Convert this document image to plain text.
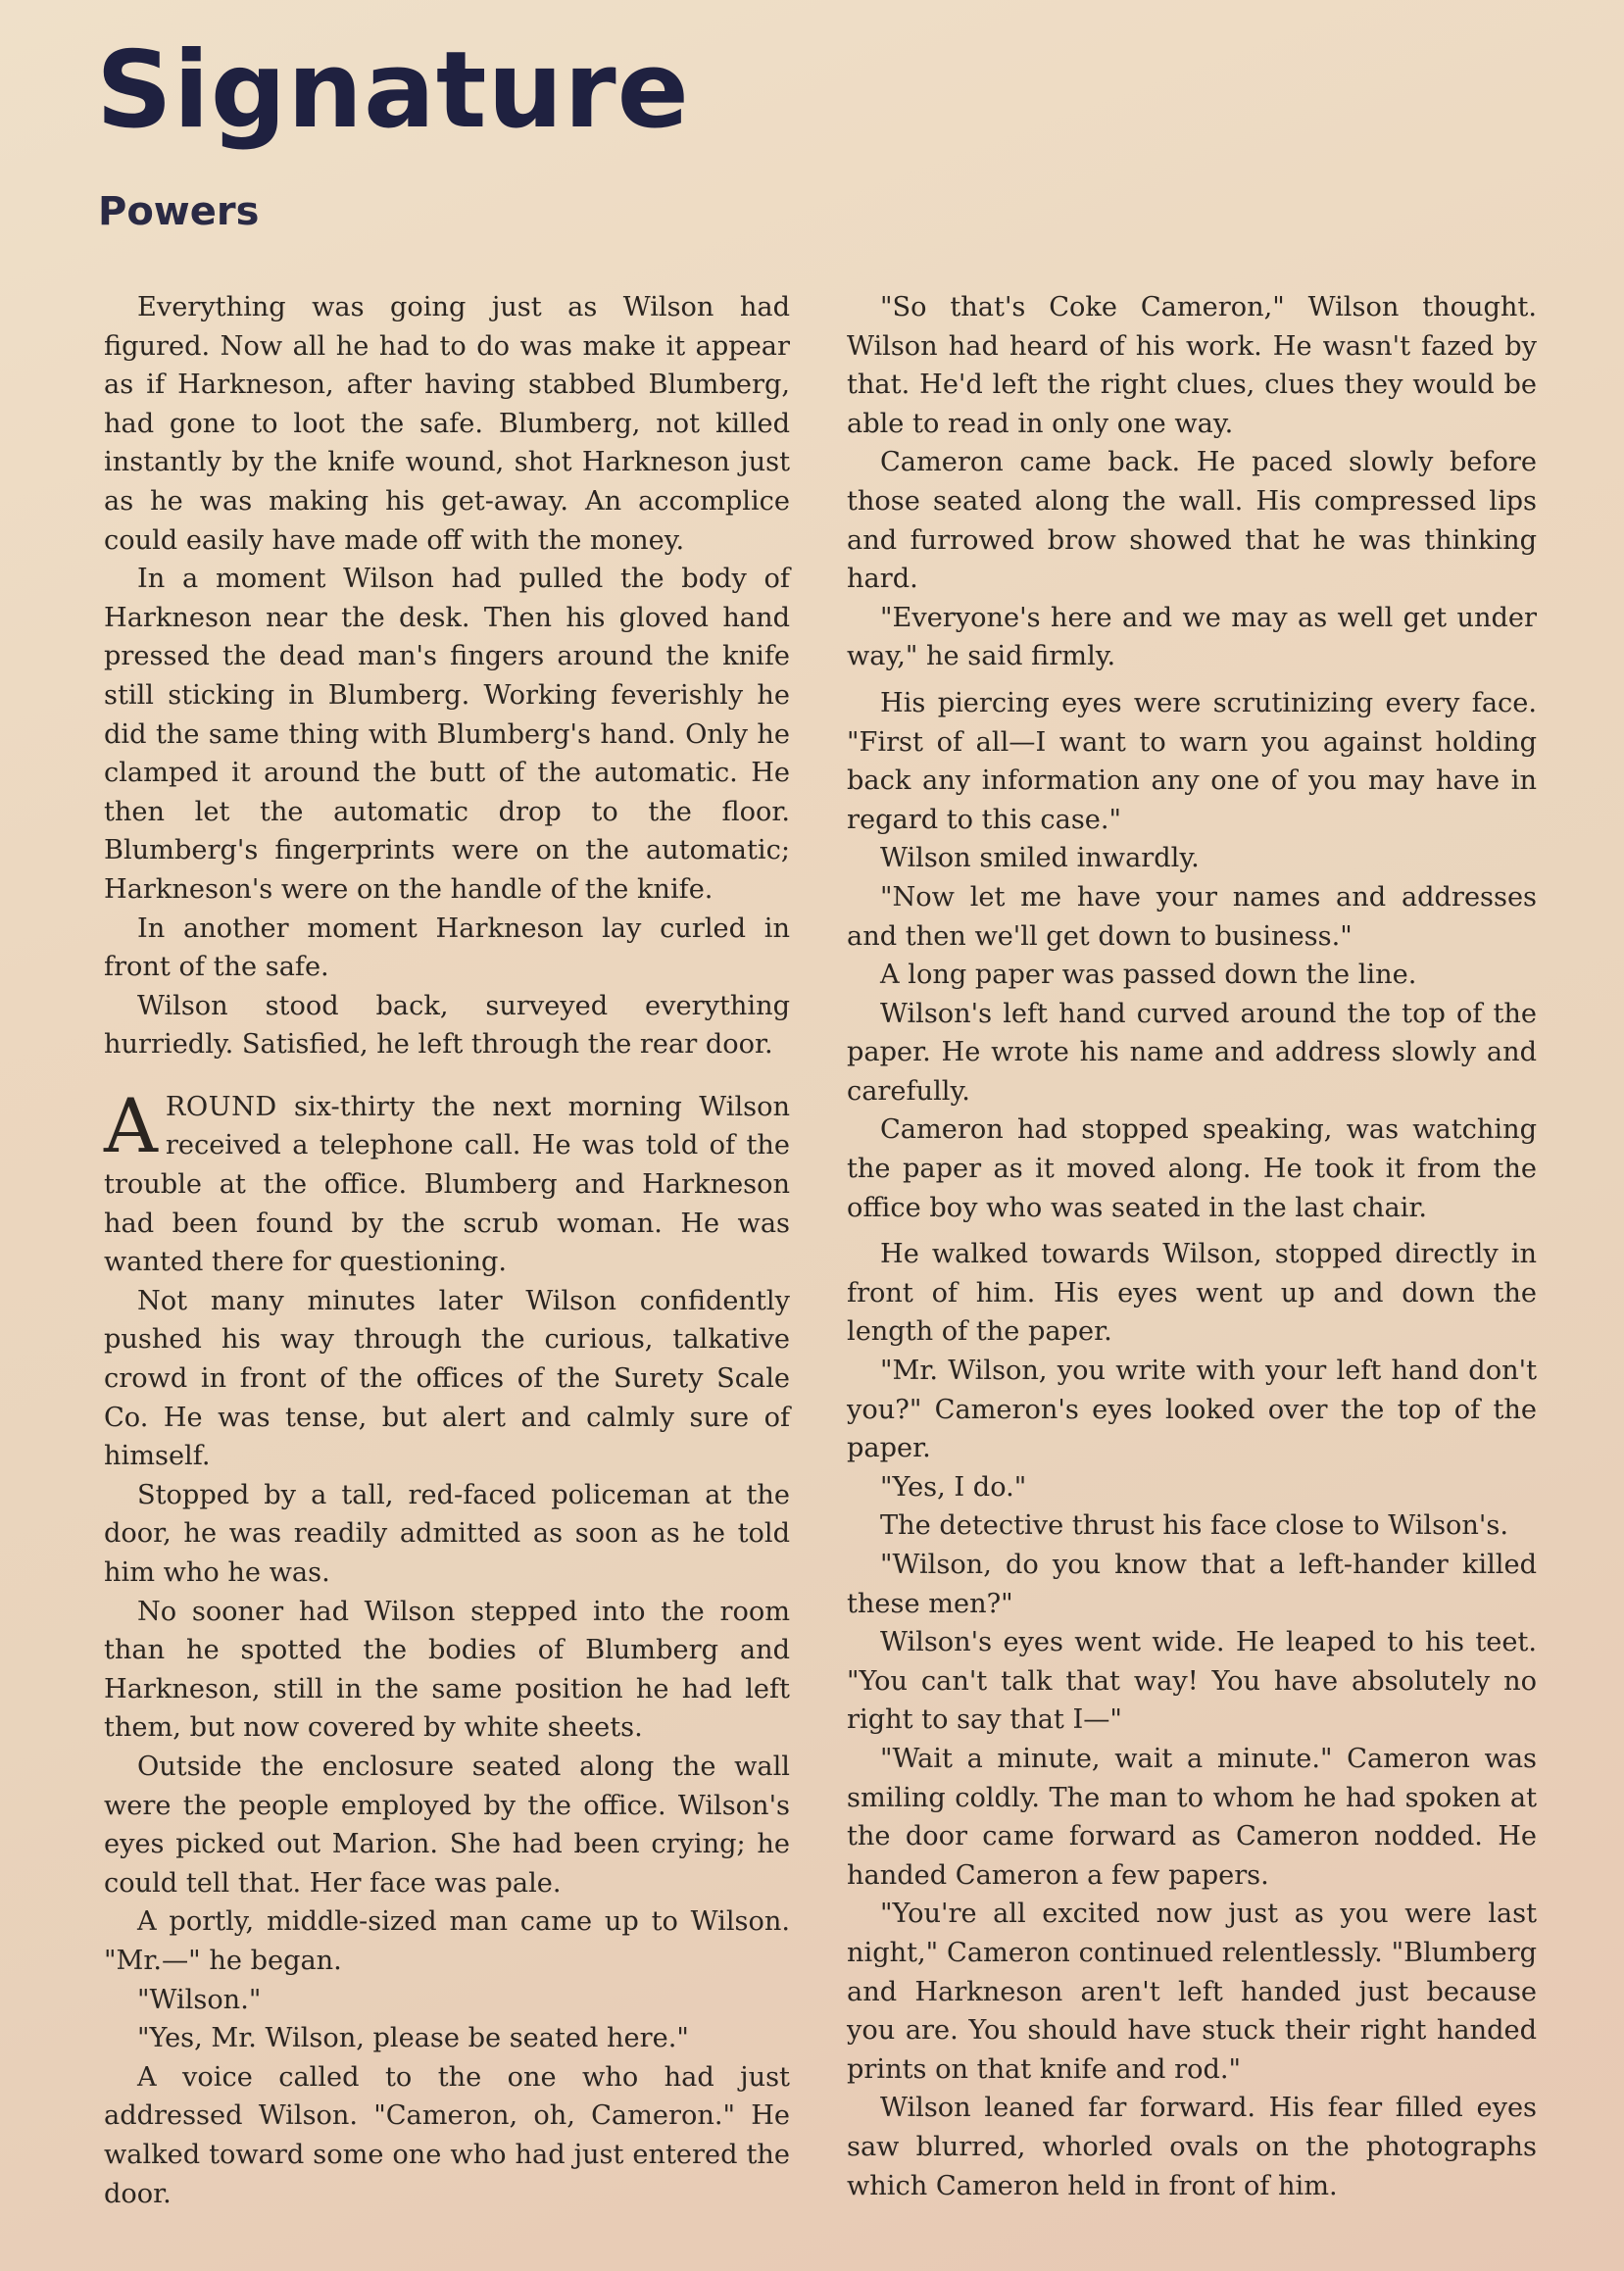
Signature
Powers

Everything was going just as Wilson had figured. Now all he had to do was make it appear as if Harkneson, after having stabbed Blumberg, had gone to loot the safe. Blumberg, not killed instantly by the knife wound, shot Harkneson just as he was making his get-away. An accomplice could easily have made off with the money.

In a moment Wilson had pulled the body of Harkneson near the desk. Then his gloved hand pressed the dead man's fingers around the knife still sticking in Blumberg. Working feverishly he did the same thing with Blumberg's hand. Only he clamped it around the butt of the automatic. He then let the automatic drop to the floor. Blumberg's fingerprints were on the automatic; Harkneson's were on the handle of the knife.

In another moment Harkneson lay curled in front of the safe.

Wilson stood back, surveyed everything hurriedly. Satisfied, he left through the rear door.

AROUND six-thirty the next morning Wilson received a telephone call. He was told of the trouble at the office. Blumberg and Harkneson had been found by the scrub woman. He was wanted there for questioning.

Not many minutes later Wilson confidently pushed his way through the curious, talkative crowd in front of the offices of the Surety Scale Co. He was tense, but alert and calmly sure of himself.

Stopped by a tall, red-faced policeman at the door, he was readily admitted as soon as he told him who he was.

No sooner had Wilson stepped into the room than he spotted the bodies of Blumberg and Harkneson, still in the same position he had left them, but now covered by white sheets.

Outside the enclosure seated along the wall were the people employed by the office. Wilson's eyes picked out Marion. She had been crying; he could tell that. Her face was pale.

A portly, middle-sized man came up to Wilson. "Mr.—" he began.

"Wilson."

"Yes, Mr. Wilson, please be seated here."

A voice called to the one who had just addressed Wilson. "Cameron, oh, Cameron." He walked toward some one who had just entered the door.

"So that's Coke Cameron," Wilson thought. Wilson had heard of his work. He wasn't fazed by that. He'd left the right clues, clues they would be able to read in only one way.

Cameron came back. He paced slowly before those seated along the wall. His compressed lips and furrowed brow showed that he was thinking hard.

"Everyone's here and we may as well get under way," he said firmly.

His piercing eyes were scrutinizing every face. "First of all—I want to warn you against holding back any information any one of you may have in regard to this case."

Wilson smiled inwardly.

"Now let me have your names and addresses and then we'll get down to business."

A long paper was passed down the line.

Wilson's left hand curved around the top of the paper. He wrote his name and address slowly and carefully.

Cameron had stopped speaking, was watching the paper as it moved along. He took it from the office boy who was seated in the last chair.

He walked towards Wilson, stopped directly in front of him. His eyes went up and down the length of the paper.

"Mr. Wilson, you write with your left hand don't you?" Cameron's eyes looked over the top of the paper.

"Yes, I do."

The detective thrust his face close to Wilson's.

"Wilson, do you know that a left-hander killed these men?"

Wilson's eyes went wide. He leaped to his teet. "You can't talk that way! You have absolutely no right to say that I—"

"Wait a minute, wait a minute." Cameron was smiling coldly. The man to whom he had spoken at the door came forward as Cameron nodded. He handed Cameron a few papers.

"You're all excited now just as you were last night," Cameron continued relentlessly. "Blumberg and Harkneson aren't left handed just because you are. You should have stuck their right handed prints on that knife and rod."

Wilson leaned far forward. His fear filled eyes saw blurred, whorled ovals on the photographs which Cameron held in front of him.
